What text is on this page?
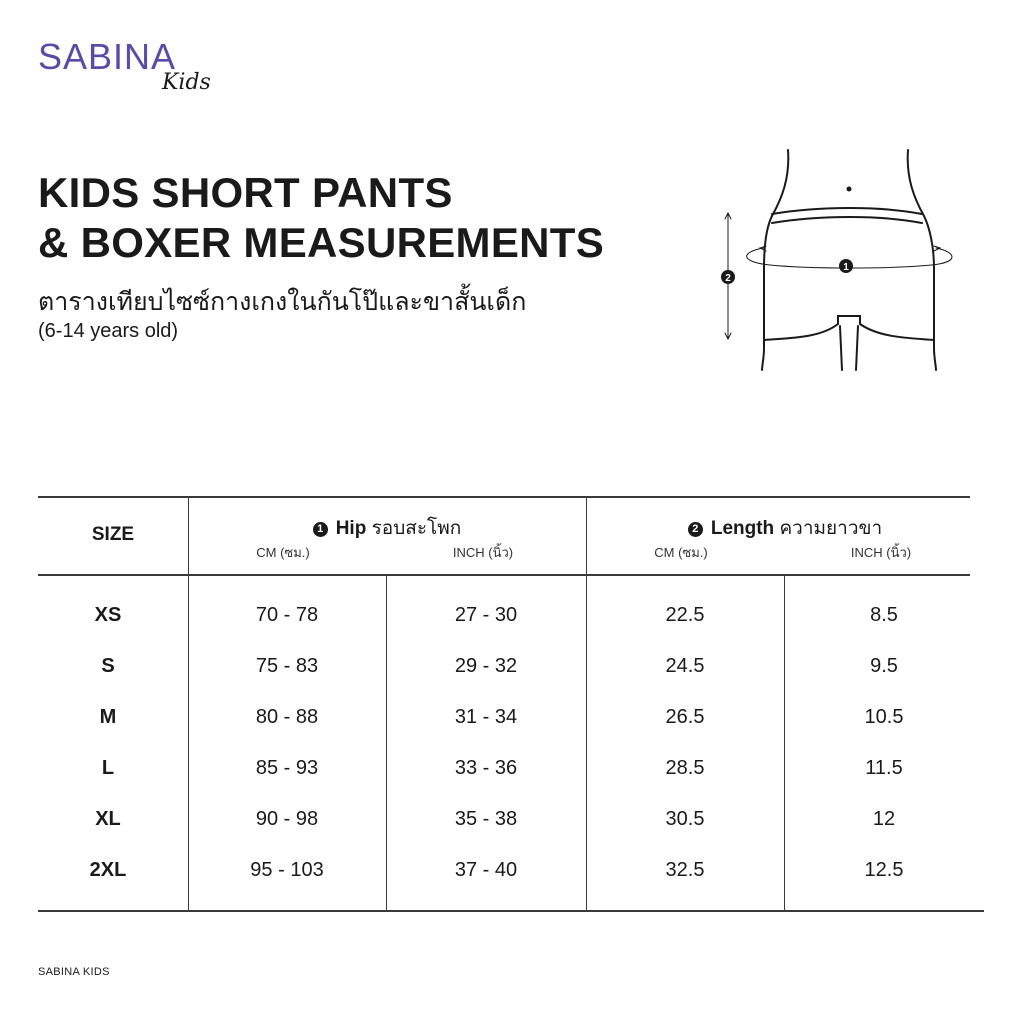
SABINA
Kids
KIDS SHORT PANTS
& BOXER MEASUREMENTS
ตารางเทียบไซซ์กางเกงในกันโป๊และขาสั้นเด็ก
(6-14 years old)
1
2
SIZE	1 Hip รอบสะโพก
CM (ซม.)	INCH (นิ้ว)
2 Length ความยาวขา
CM (ซม.)	INCH (นิ้ว)
XS	70 - 78	27 - 30	22.5	8.5
S	75 - 83	29 - 32	24.5	9.5
M	80 - 88	31 - 34	26.5	10.5
L	85 - 93	33 - 36	28.5	11.5
XL	90 - 98	35 - 38	30.5	12
2XL	95 - 103	37 - 40	32.5	12.5
SABINA KIDS
